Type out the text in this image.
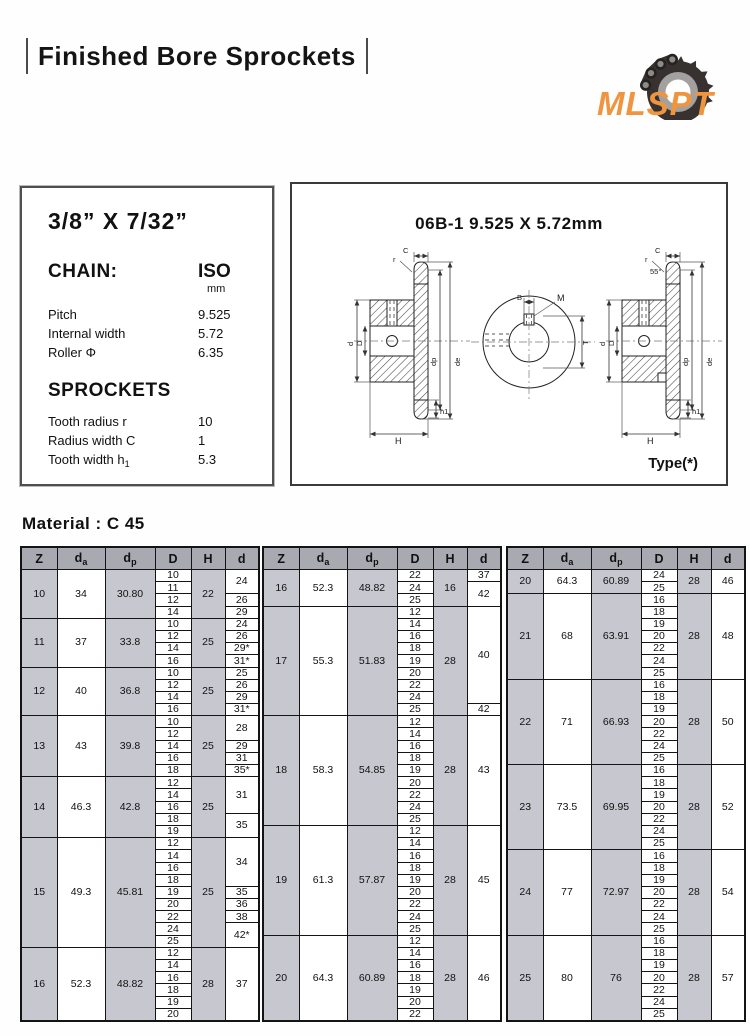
Finished Bore Sprockets
MLSPT
3/8” X 7/32”
CHAIN:	ISO
mm
Pitch	9.525
Internal width	5.72
Roller Φ	6.35
SPROCKETS
Tooth radius r	10
Radius width C	1
Tooth width $h_1$	5.3
06B-1 9.525 X 5.72mm
C
r
d D
dp de
h1
H
B	M
T
C
r
55°
d D
dp de
h1
H
Type(*)
Material : C 45
Z	$d_a$	$d_p$	D	H	d
10	34	30.80	10	22	24
			11		
			12		26
			14		29
11	37	33.8	10	25	24
			12		26
			14		29*
			16		31*
12	40	36.8	10	25	25
			12		26
			14		29
			16		31*
13	43	39.8	10	25	28
			12		
			14		29
			16		31
			18		35*
14	46.3	42.8	12	25	31
			14		
			16		
			18		35
			19		
15	49.3	45.81	12	25	34
			14		
			16		
			18		
			19		35
			20		36
			22		38
			24		42*
			25		
16	52.3	48.82	12	28	37
			14		
			16		
			18		
			19		
			20		
Z	$d_a$	$d_p$	D	H	d
16	52.3	48.82	22	16	37
			24		42
			25		
17	55.3	51.83	12	28	40
			14		
			16		
			18		
			19		
			20		
			22		
			24		
			25		42
18	58.3	54.85	12	28	43
			14		
			16		
			18		
			19		
			20		
			22		
			24		
			25		
19	61.3	57.87	12	28	45
			14		
			16		
			18		
			19		
			20		
			22		
			24		
			25		
20	64.3	60.89	12	28	46
			14		
			16		
			18		
			19		
			20		
			22		
Z	$d_a$	$d_p$	D	H	d
20	64.3	60.89	24	28	46
			25		
21	68	63.91	16	28	48
			18		
			19		
			20		
			22		
			24		
			25		
22	71	66.93	16	28	50
			18		
			19		
			20		
			22		
			24		
			25		
23	73.5	69.95	16	28	52
			18		
			19		
			20		
			22		
			24		
			25		
24	77	72.97	16	28	54
			18		
			19		
			20		
			22		
			24		
			25		
25	80	76	16	28	57
			18		
			19		
			20		
			22		
			24		
			25		
